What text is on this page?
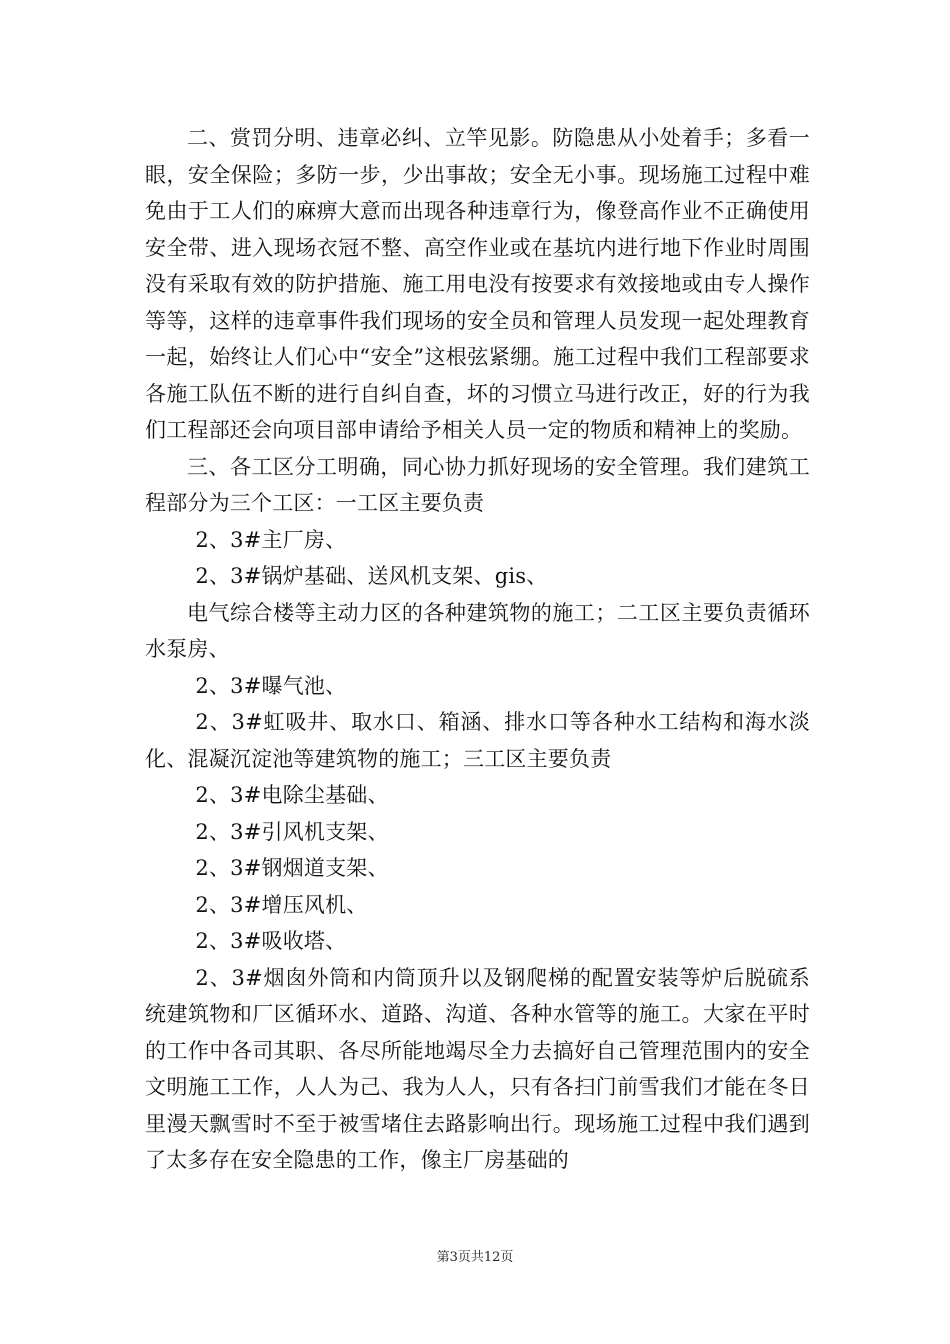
二、赏罚分明、违章必纠、立竿见影。防隐患从小处着手；多看一眼，安全保险；多防一步，少出事故；安全无小事。现场施工过程中难免由于工人们的麻痹大意而出现各种违章行为，像登高作业不正确使用安全带、进入现场衣冠不整、高空作业或在基坑内进行地下作业时周围没有采取有效的防护措施、施工用电没有按要求有效接地或由专人操作等等，这样的违章事件我们现场的安全员和管理人员发现一起处理教育一起，始终让人们心中“安全”这根弦紧绷。施工过程中我们工程部要求各施工队伍不断的进行自纠自查，坏的习惯立马进行改正，好的行为我们工程部还会向项目部申请给予相关人员一定的物质和精神上的奖励。

三、各工区分工明确，同心协力抓好现场的安全管理。我们建筑工程部分为三个工区：一工区主要负责

2、3#主厂房、

2、3#锅炉基础、送风机支架、gis、

电气综合楼等主动力区的各种建筑物的施工；二工区主要负责循环水泵房、

2、3#曝气池、

2、3#虹吸井、取水口、箱涵、排水口等各种水工结构和海水淡化、混凝沉淀池等建筑物的施工；三工区主要负责

2、3#电除尘基础、

2、3#引风机支架、

2、3#钢烟道支架、

2、3#增压风机、

2、3#吸收塔、

2、3#烟囱外筒和内筒顶升以及钢爬梯的配置安装等炉后脱硫系统建筑物和厂区循环水、道路、沟道、各种水管等的施工。大家在平时的工作中各司其职、各尽所能地竭尽全力去搞好自己管理范围内的安全文明施工工作，人人为己、我为人人，只有各扫门前雪我们才能在冬日里漫天飘雪时不至于被雪堵住去路影响出行。现场施工过程中我们遇到了太多存在安全隐患的工作，像主厂房基础的

第3页共12页
